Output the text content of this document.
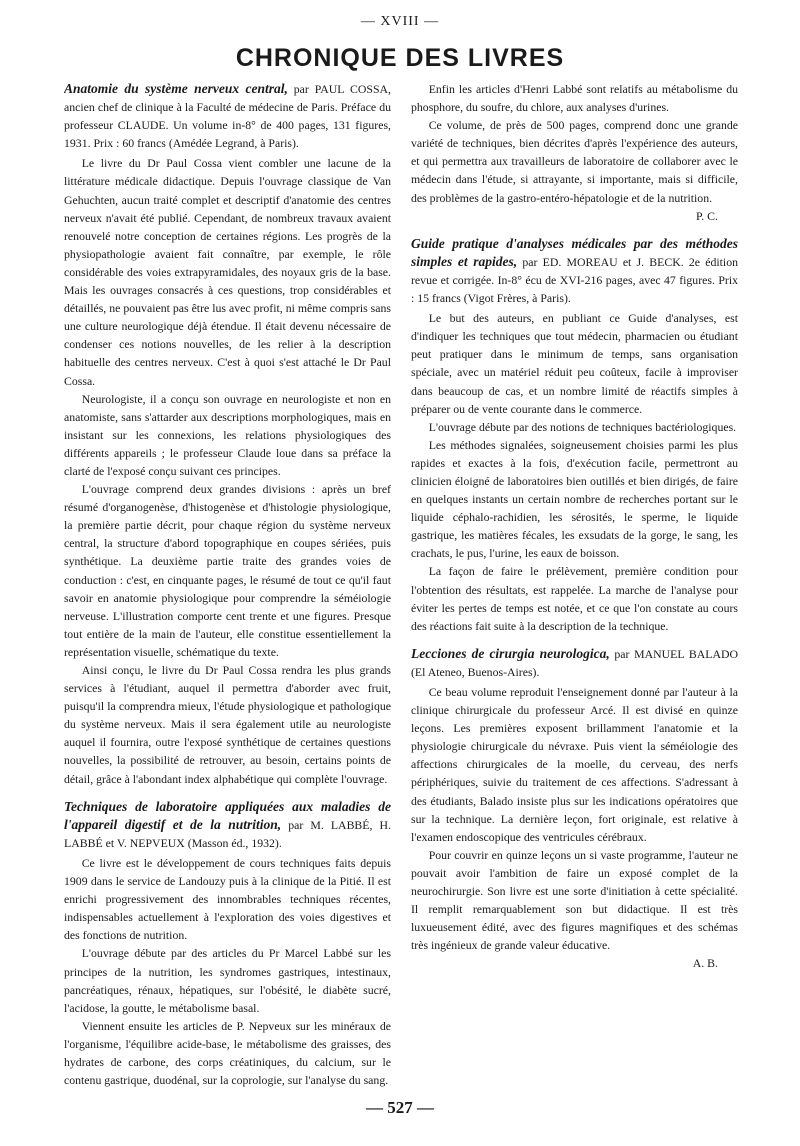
— XVIII —
CHRONIQUE DES LIVRES

Anatomie du système nerveux central, par PAUL COSSA, ancien chef de clinique à la Faculté de médecine de Paris. Préface du professeur CLAUDE. Un volume in-8° de 400 pages, 131 figures, 1931. Prix : 60 francs (Amédée Legrand, à Paris).

Le livre du Dr Paul Cossa vient combler une lacune de la littérature médicale didactique. Depuis l'ouvrage classique de Van Gehuchten, aucun traité complet et descriptif d'anatomie des centres nerveux n'avait été publié. Cependant, de nombreux travaux avaient renouvelé notre conception de certaines régions. Les progrès de la physiopathologie avaient fait connaître, par exemple, le rôle considérable des voies extrapyramidales, des noyaux gris de la base. Mais les ouvrages consacrés à ces questions, trop considérables et détaillés, ne pouvaient pas être lus avec profit, ni même compris sans une culture neurologique déjà étendue. Il était devenu nécessaire de condenser ces notions nouvelles, de les relier à la description habituelle des centres nerveux. C'est à quoi s'est attaché le Dr Paul Cossa.

Neurologiste, il a conçu son ouvrage en neurologiste et non en anatomiste, sans s'attarder aux descriptions morphologiques, mais en insistant sur les connexions, les relations physiologiques des différents appareils ; le professeur Claude loue dans sa préface la clarté de l'exposé conçu suivant ces principes.

L'ouvrage comprend deux grandes divisions : après un bref résumé d'organogenèse, d'histogenèse et d'histologie physiologique, la première partie décrit, pour chaque région du système nerveux central, la structure d'abord topographique en coupes sériées, puis synthétique. La deuxième partie traite des grandes voies de conduction : c'est, en cinquante pages, le résumé de tout ce qu'il faut savoir en anatomie physiologique pour comprendre la séméiologie nerveuse. L'illustration comporte cent trente et une figures. Presque tout entière de la main de l'auteur, elle constitue essentiellement la représentation visuelle, schématique du texte.

Ainsi conçu, le livre du Dr Paul Cossa rendra les plus grands services à l'étudiant, auquel il permettra d'aborder avec fruit, puisqu'il la comprendra mieux, l'étude physiologique et pathologique du système nerveux. Mais il sera également utile au neurologiste auquel il fournira, outre l'exposé synthétique de certaines questions nouvelles, la possibilité de retrouver, au besoin, certains points de détail, grâce à l'abondant index alphabétique qui complète l'ouvrage.

Techniques de laboratoire appliquées aux maladies de l'appareil digestif et de la nutrition, par M. LABBÉ, H. LABBÉ et V. NEPVEUX (Masson éd., 1932).

Ce livre est le développement de cours techniques faits depuis 1909 dans le service de Landouzy puis à la clinique de la Pitié. Il est enrichi progressivement des innombrables techniques récentes, indispensables actuellement à l'exploration des voies digestives et des fonctions de nutrition.

L'ouvrage débute par des articles du Pr Marcel Labbé sur les principes de la nutrition, les syndromes gastriques, intestinaux, pancréatiques, rénaux, hépatiques, sur l'obésité, le diabète sucré, l'acidose, la goutte, le métabolisme basal.

Viennent ensuite les articles de P. Nepveux sur les minéraux de l'organisme, l'équilibre acide-base, le métabolisme des graisses, des hydrates de carbone, des corps créatiniques, du calcium, sur le contenu gastrique, duodénal, sur la coprologie, sur l'analyse du sang.

Enfin les articles d'Henri Labbé sont relatifs au métabolisme du phosphore, du soufre, du chlore, aux analyses d'urines.

Ce volume, de près de 500 pages, comprend donc une grande variété de techniques, bien décrites d'après l'expérience des auteurs, et qui permettra aux travailleurs de laboratoire de collaborer avec le médecin dans l'étude, si attrayante, si importante, mais si difficile, des problèmes de la gastro-entéro-hépatologie et de la nutrition.

P. C.

Guide pratique d'analyses médicales par des méthodes simples et rapides, par ED. MOREAU et J. BECK. 2e édition revue et corrigée. In-8° écu de XVI-216 pages, avec 47 figures. Prix : 15 francs (Vigot Frères, à Paris).

Le but des auteurs, en publiant ce Guide d'analyses, est d'indiquer les techniques que tout médecin, pharmacien ou étudiant peut pratiquer dans le minimum de temps, sans organisation spéciale, avec un matériel réduit peu coûteux, facile à improviser dans beaucoup de cas, et un nombre limité de réactifs simples à préparer ou de vente courante dans le commerce.

L'ouvrage débute par des notions de techniques bactériologiques.

Les méthodes signalées, soigneusement choisies parmi les plus rapides et exactes à la fois, d'exécution facile, permettront au clinicien éloigné de laboratoires bien outillés et bien dirigés, de faire en quelques instants un certain nombre de recherches portant sur le liquide céphalo-rachidien, les sérosités, le sperme, le liquide gastrique, les matières fécales, les exsudats de la gorge, le sang, les crachats, le pus, l'urine, les eaux de boisson.

La façon de faire le prélèvement, première condition pour l'obtention des résultats, est rappelée. La marche de l'analyse pour éviter les pertes de temps est notée, et ce que l'on constate au cours des réactions fait suite à la description de la technique.

Lecciones de cirurgia neurologica, par MANUEL BALADO (El Ateneo, Buenos-Aires).

Ce beau volume reproduit l'enseignement donné par l'auteur à la clinique chirurgicale du professeur Arcé. Il est divisé en quinze leçons. Les premières exposent brillamment l'anatomie et la physiologie chirurgicale du névraxe. Puis vient la séméiologie des affections chirurgicales de la moelle, du cerveau, des nerfs périphériques, suivie du traitement de ces affections. S'adressant à des étudiants, Balado insiste plus sur les indications opératoires que sur la technique. La dernière leçon, fort originale, est relative à l'examen endoscopique des ventricules cérébraux.

Pour couvrir en quinze leçons un si vaste programme, l'auteur ne pouvait avoir l'ambition de faire un exposé complet de la neurochirurgie. Son livre est une sorte d'initiation à cette spécialité. Il remplit remarquablement son but didactique. Il est très luxueusement édité, avec des figures magnifiques et des schémas très ingénieux de grande valeur éducative.

A. B.

— 527 —
